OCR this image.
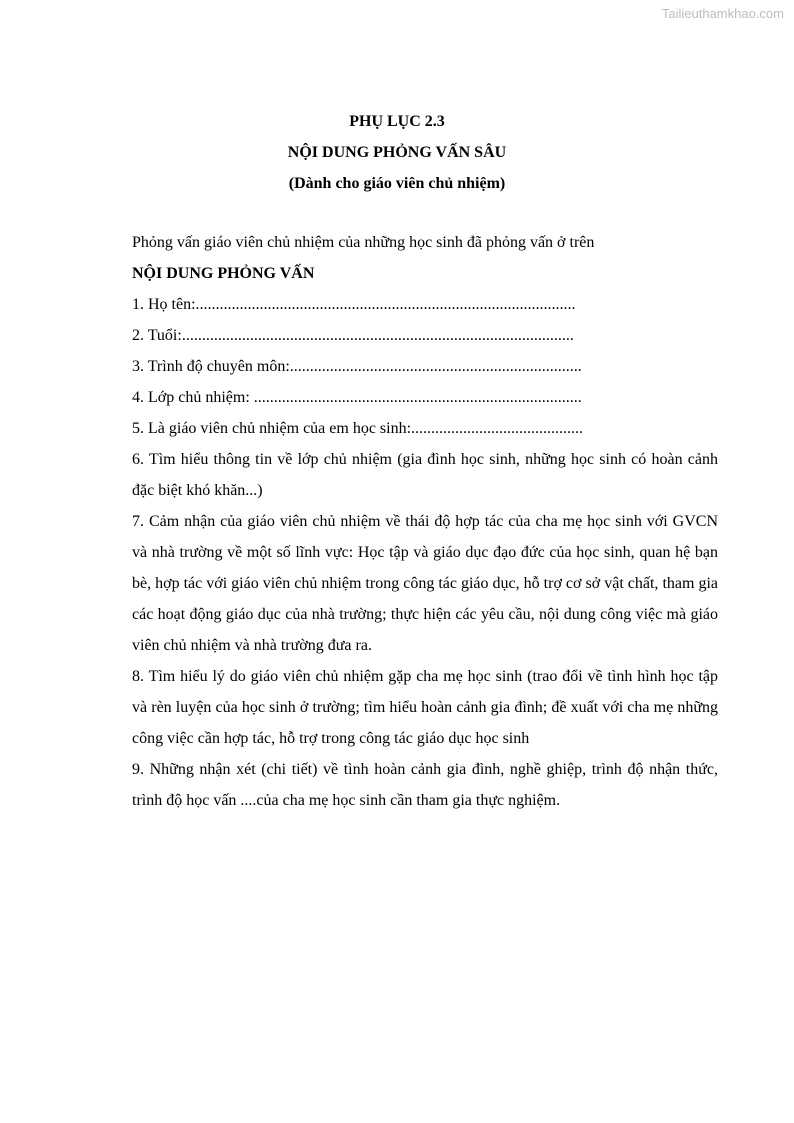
Tailieuthamkhao.com
PHỤ LỤC 2.3
NỘI DUNG PHỎNG VẤN SÂU
(Dành cho giáo viên chủ nhiệm)

Phỏng vấn giáo viên chủ nhiệm của những học sinh đã phỏng vấn ở trên

NỘI DUNG PHỎNG VẤN

1. Họ tên:...............................................................................................

2. Tuổi:..................................................................................................

3. Trình độ chuyên môn:.........................................................................

4. Lớp chủ nhiệm: ..................................................................................

5. Là giáo viên chủ nhiệm của em học sinh:...........................................

6. Tìm hiểu thông tin về lớp chủ nhiệm (gia đình học sinh, những học sinh có hoàn cảnh đặc biệt khó khăn...)

7. Cảm nhận của giáo viên chủ nhiệm về thái độ hợp tác của cha mẹ học sinh với GVCN và nhà trường về một số lĩnh vực: Học tập và giáo dục đạo đức của học sinh, quan hệ bạn bè, hợp tác với giáo viên chủ nhiệm trong công tác giáo dục, hỗ trợ cơ sở vật chất, tham gia các hoạt động giáo dục của nhà trường; thực hiện các yêu cầu, nội dung công việc mà giáo viên chủ nhiệm và nhà trường đưa ra.

8. Tìm hiểu lý do giáo viên chủ nhiệm gặp cha mẹ học sinh (trao đổi về tình hình học tập và rèn luyện của học sinh ở trường; tìm hiểu hoàn cảnh gia đình; đề xuất với cha mẹ những công việc cần hợp tác, hỗ trợ trong công tác giáo dục học sinh

9. Những nhận xét (chi tiết) về tình hoàn cảnh gia đình, nghề ghiệp, trình độ nhận thức, trình độ học vấn ....của cha mẹ học sinh cần tham gia thực nghiệm.
